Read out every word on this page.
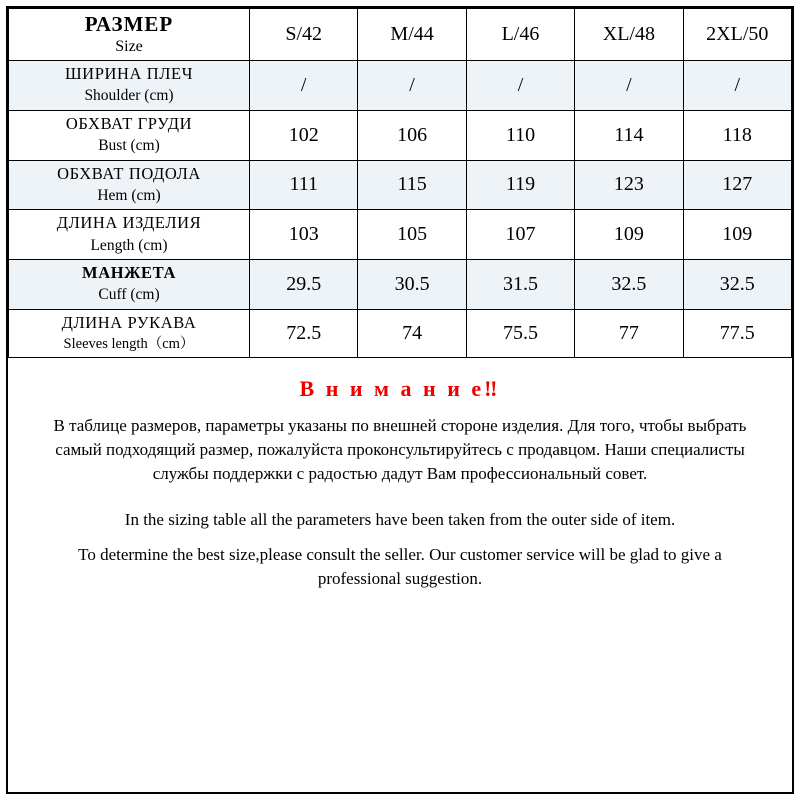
РАЗМЕР
Size	S/42	M/44	L/46	XL/48	2XL/50

ШИРИНА ПЛЕЧ
Shoulder (cm)	/	/	/	/	/

ОБХВАТ ГРУДИ
Bust (cm)	102	106	110	114	118

ОБХВАТ ПОДОЛА
Hem (cm)	111	115	119	123	127

ДЛИНА ИЗДЕЛИЯ
Length (cm)	103	105	107	109	109

МАНЖЕТА
Cuff (cm)	29.5	30.5	31.5	32.5	32.5

ДЛИНА РУКАВА
Sleeves length（cm）	72.5	74	75.5	77	77.5
В н и м а н и е‼
В таблице размеров, параметры указаны по внешней стороне изделия. Для того, чтобы выбрать самый подходящий размер, пожалуйста проконсультируйтесь с продавцом. Наши специалисты службы поддержки с радостью дадут Вам профессиональный совет.
In the sizing table all the parameters have been taken from the outer side of item.
To determine the best size,please consult the seller. Our customer service will be glad to give a professional suggestion.
